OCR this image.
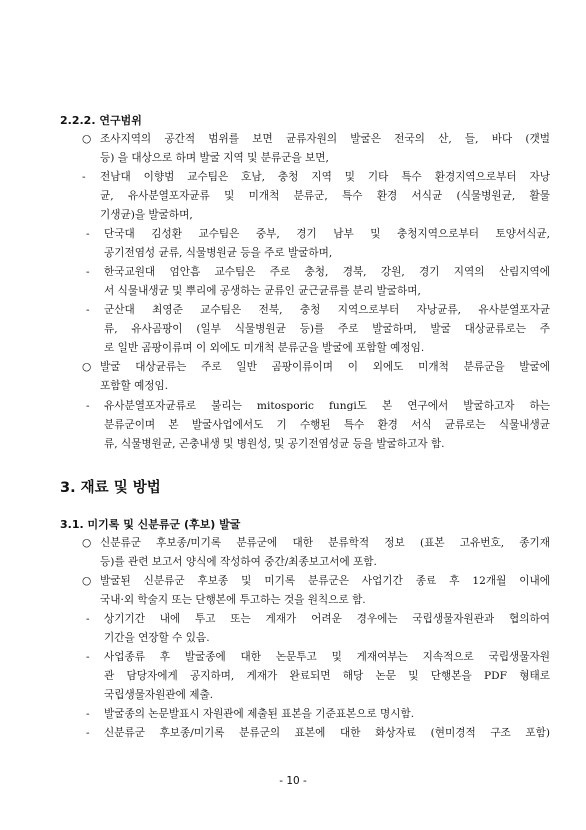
2.2.2. 연구범위
○ 조사지역의 공간적 범위를 보면 균류자원의 발굴은 전국의 산, 들, 바다 (갯벌
등) 을 대상으로 하며 발굴 지역 및 분류군을 보면,
- 전남대 이향범 교수팀은 호남, 충청 지역 및 기타 특수 환경지역으로부터 자낭
균, 유사분열포자균류 및 미개척 분류군, 특수 환경 서식균 (식물병원균, 활물
기생균)을 발굴하며,
- 단국대 김성환 교수팀은 중부, 경기 남부 및 충청지역으로부터 토양서식균,
공기전염성 균류, 식물병원균 등을 주로 발굴하며,
- 한국교원대 엄안흠 교수팀은 주로 충청, 경북, 강원, 경기 지역의 산림지역에
서 식물내생균 및 뿌리에 공생하는 균류인 균근균류를 분리 발굴하며,
- 군산대 최영준 교수팀은 전북, 충청 지역으로부터 자낭균류, 유사분열포자균
류, 유사곰팡이 (일부 식물병원균 등)를 주로 발굴하며, 발굴 대상균류로는 주
로 일반 곰팡이류며 이 외에도 미개척 분류군을 발굴에 포함할 예정임.
○ 발굴 대상균류는 주로 일반 곰팡이류이며 이 외에도 미개척 분류군을 발굴에
포함할 예정임.
- 유사분열포자균류로 불리는 mitosporic fungi도 본 연구에서 발굴하고자 하는
분류군이며 본 발굴사업에서도 기 수행된 특수 환경 서식 균류로는 식물내생균
류, 식물병원균, 곤충내생 및 병원성, 및 공기전염성균 등을 발굴하고자 함.
3. 재료 및 방법
3.1. 미기록 및 신분류군 (후보) 발굴
○ 신분류군 후보종/미기록 분류군에 대한 분류학적 정보 (표본 고유번호, 종기재
등)를 관련 보고서 양식에 작성하여 중간/최종보고서에 포함.
○ 발굴된 신분류군 후보종 및 미기록 분류군은 사업기간 종료 후 12개월 이내에
국내·외 학술지 또는 단행본에 투고하는 것을 원칙으로 함.
- 상기기간 내에 투고 또는 게재가 어려운 경우에는 국립생물자원관과 협의하여
기간을 연장할 수 있음.
- 사업종류 후 발굴종에 대한 논문투고 및 게재여부는 지속적으로 국립생물자원
관 담당자에게 공지하며, 게재가 완료되면 해당 논문 및 단행본을 PDF 형태로
국립생물자원관에 제출.
- 발굴종의 논문발표시 자원관에 제출된 표본을 기준표본으로 명시함.
- 신분류군 후보종/미기록 분류군의 표본에 대한 화상자료 (현미경적 구조 포함)
- 10 -
